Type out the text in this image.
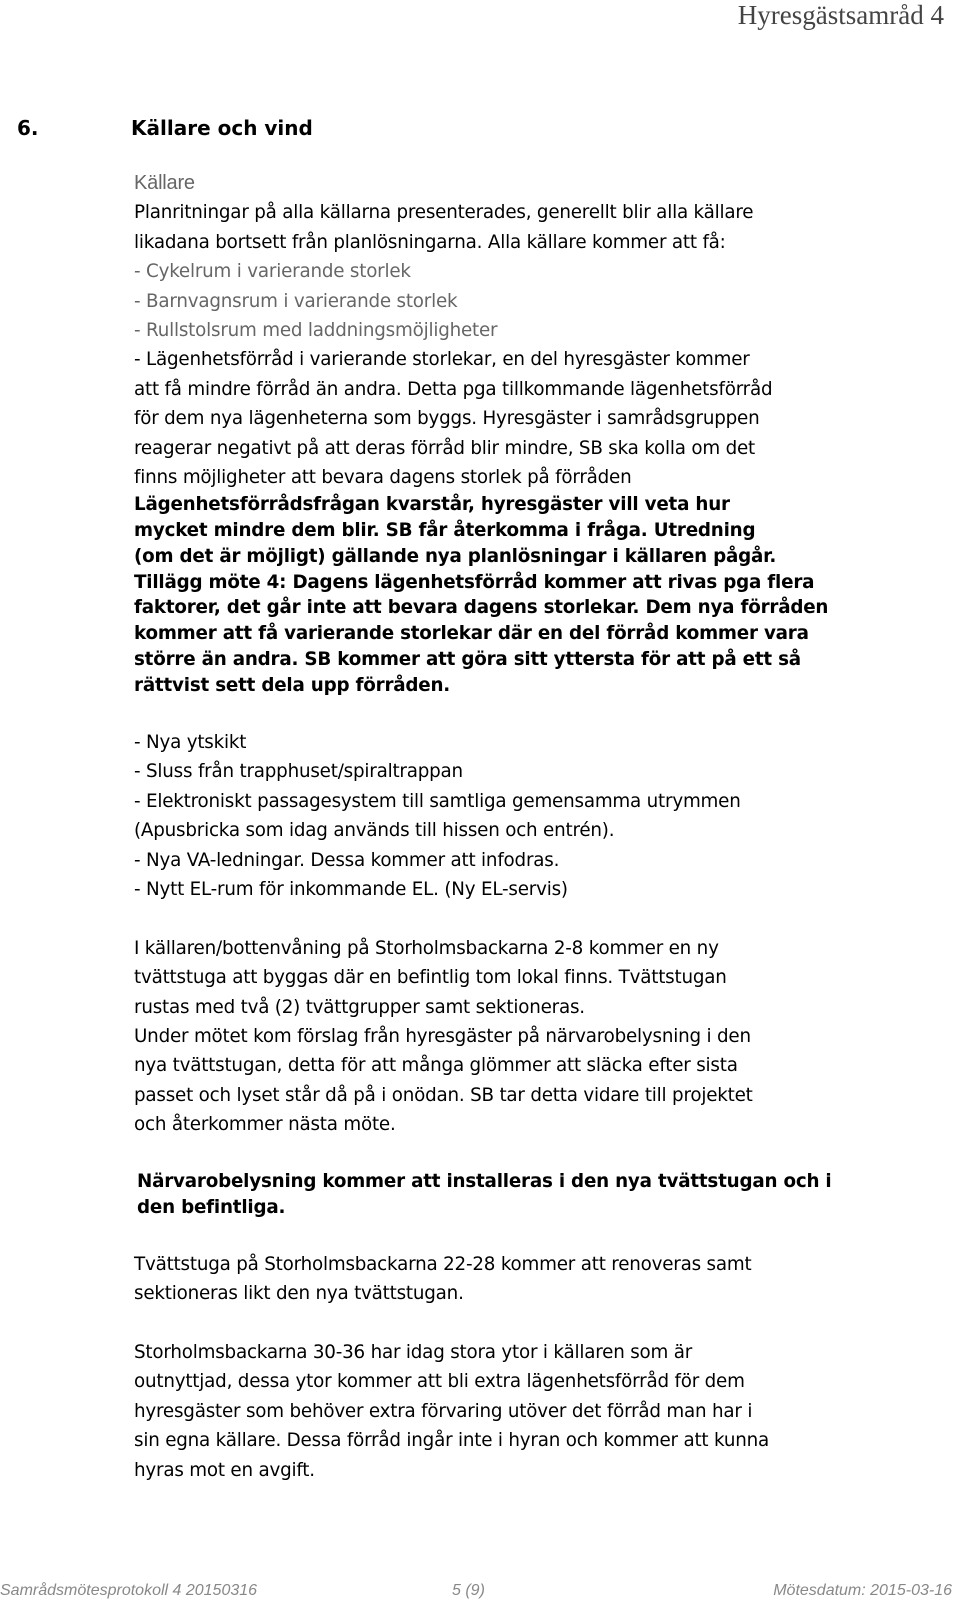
Hyresgästsamråd 4
6.	Källare och vind
Källare
Planritningar på alla källarna presenterades, generellt blir alla källare
likadana bortsett från planlösningarna. Alla källare kommer att få:
- Cykelrum i varierande storlek
- Barnvagnsrum i varierande storlek
- Rullstolsrum med laddningsmöjligheter
- Lägenhetsförråd i varierande storlekar, en del hyresgäster kommer
att få mindre förråd än andra. Detta pga tillkommande lägenhetsförråd
för dem nya lägenheterna som byggs. Hyresgäster i samrådsgruppen
reagerar negativt på att deras förråd blir mindre, SB ska kolla om det
finns möjligheter att bevara dagens storlek på förråden
Lägenhetsförrådsfrågan kvarstår, hyresgäster vill veta hur
mycket mindre dem blir. SB får återkomma i fråga. Utredning
(om det är möjligt) gällande nya planlösningar i källaren pågår.
Tillägg möte 4: Dagens lägenhetsförråd kommer att rivas pga flera
faktorer, det går inte att bevara dagens storlekar. Dem nya förråden
kommer att få varierande storlekar där en del förråd kommer vara
större än andra. SB kommer att göra sitt yttersta för att på ett så
rättvist sett dela upp förråden.
- Nya ytskikt
- Sluss från trapphuset/spiraltrappan
- Elektroniskt passagesystem till samtliga gemensamma utrymmen
(Apusbricka som idag används till hissen och entrén).
- Nya VA-ledningar. Dessa kommer att infodras.
- Nytt EL-rum för inkommande EL. (Ny EL-servis)
I källaren/bottenvåning på Storholmsbackarna 2-8 kommer en ny
tvättstuga att byggas där en befintlig tom lokal finns. Tvättstugan
rustas med två (2) tvättgrupper samt sektioneras.
Under mötet kom förslag från hyresgäster på närvarobelysning i den
nya tvättstugan, detta för att många glömmer att släcka efter sista
passet och lyset står då på i onödan. SB tar detta vidare till projektet
och återkommer nästa möte.
Närvarobelysning kommer att installeras i den nya tvättstugan och i
den befintliga.
Tvättstuga på Storholmsbackarna 22-28 kommer att renoveras samt
sektioneras likt den nya tvättstugan.
Storholmsbackarna 30-36 har idag stora ytor i källaren som är
outnyttjad, dessa ytor kommer att bli extra lägenhetsförråd för dem
hyresgäster som behöver extra förvaring utöver det förråd man har i
sin egna källare. Dessa förråd ingår inte i hyran och kommer att kunna
hyras mot en avgift.
Samrådsmötesprotokoll 4 20150316	5 (9)	Mötesdatum: 2015-03-16
